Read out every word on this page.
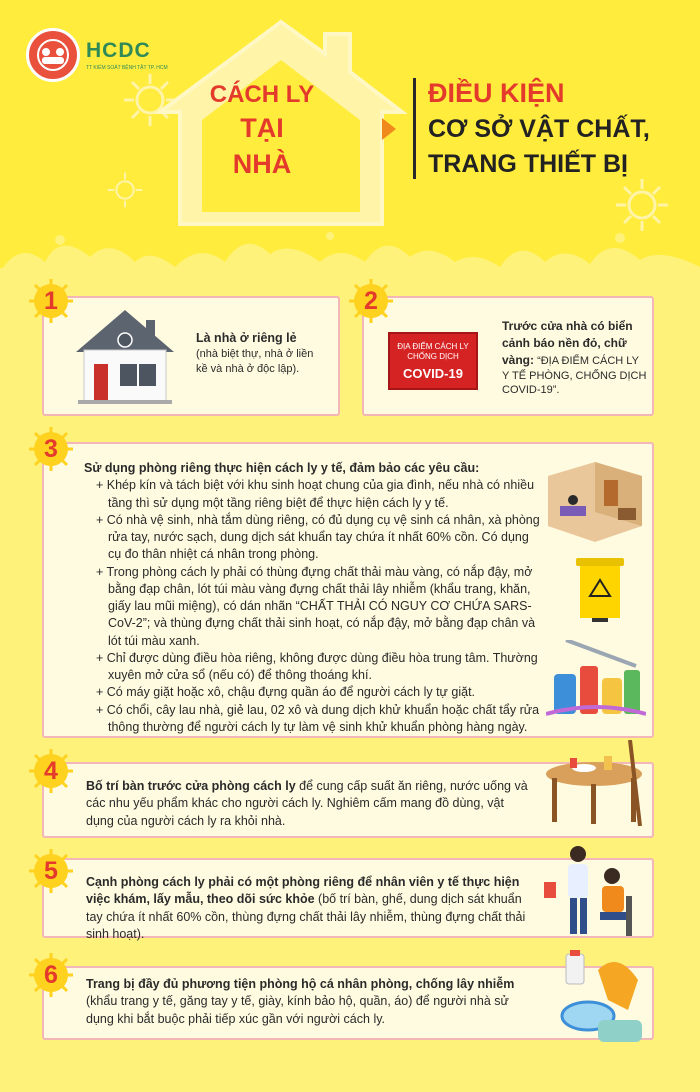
HCDC
TT KIỂM SOÁT BỆNH TẬT TP. HCM
CÁCH LY
TẠI
NHÀ
ĐIỀU KIỆN
CƠ SỞ VẬT CHẤT,
TRANG THIẾT BỊ
1
Là nhà ở riêng lẻ
(nhà biệt thự, nhà ở liền kề và nhà ở độc lập).
2
ĐỊA ĐIỂM CÁCH LY CHỐNG DỊCH
COVID-19
Trước cửa nhà có biển cảnh báo nền đỏ, chữ vàng: “ĐỊA ĐIỂM CÁCH LY Y TẾ PHÒNG, CHỐNG DỊCH COVID-19”.
3
Sử dụng phòng riêng thực hiện cách ly y tế, đảm bảo các yêu cầu:
+ Khép kín và tách biệt với khu sinh hoạt chung của gia đình, nếu nhà có nhiều tầng thì sử dụng một tầng riêng biệt để thực hiện cách ly y tế.
+ Có nhà vệ sinh, nhà tắm dùng riêng, có đủ dụng cụ vệ sinh cá nhân, xà phòng rửa tay, nước sạch, dung dịch sát khuẩn tay chứa ít nhất 60% cồn. Có dụng cụ đo thân nhiệt cá nhân trong phòng.
+ Trong phòng cách ly phải có thùng đựng chất thải màu vàng, có nắp đậy, mở bằng đạp chân, lót túi màu vàng đựng chất thải lây nhiễm (khẩu trang, khăn, giấy lau mũi miệng), có dán nhãn “CHẤT THẢI CÓ NGUY CƠ CHỨA SARS-CoV-2”; và thùng đựng chất thải sinh hoạt, có nắp đậy, mở bằng đạp chân và lót túi màu xanh.
+ Chỉ được dùng điều hòa riêng, không được dùng điều hòa trung tâm. Thường xuyên mở cửa sổ (nếu có) để thông thoáng khí.
+ Có máy giặt hoặc xô, chậu đựng quần áo để người cách ly tự giặt.
+ Có chổi, cây lau nhà, giẻ lau, 02 xô và dung dịch khử khuẩn hoặc chất tẩy rửa thông thường để người cách ly tự làm vệ sinh khử khuẩn phòng hàng ngày.
4
Bố trí bàn trước cửa phòng cách ly để cung cấp suất ăn riêng, nước uống và các nhu yếu phẩm khác cho người cách ly. Nghiêm cấm mang đồ dùng, vật dụng của người cách ly ra khỏi nhà.
5 Cạnh phòng cách ly phải có một phòng riêng để nhân viên y tế thực hiện việc khám, lấy mẫu, theo dõi sức khỏe (bố trí bàn, ghế, dung dịch sát khuẩn tay chứa ít nhất 60% cồn, thùng đựng chất thải lây nhiễm, thùng đựng chất thải sinh hoạt).
6 Trang bị đầy đủ phương tiện phòng hộ cá nhân phòng, chống lây nhiễm (khẩu trang y tế, găng tay y tế, giày, kính bảo hộ, quần, áo) để người nhà sử dụng khi bắt buộc phải tiếp xúc gần với người cách ly.
